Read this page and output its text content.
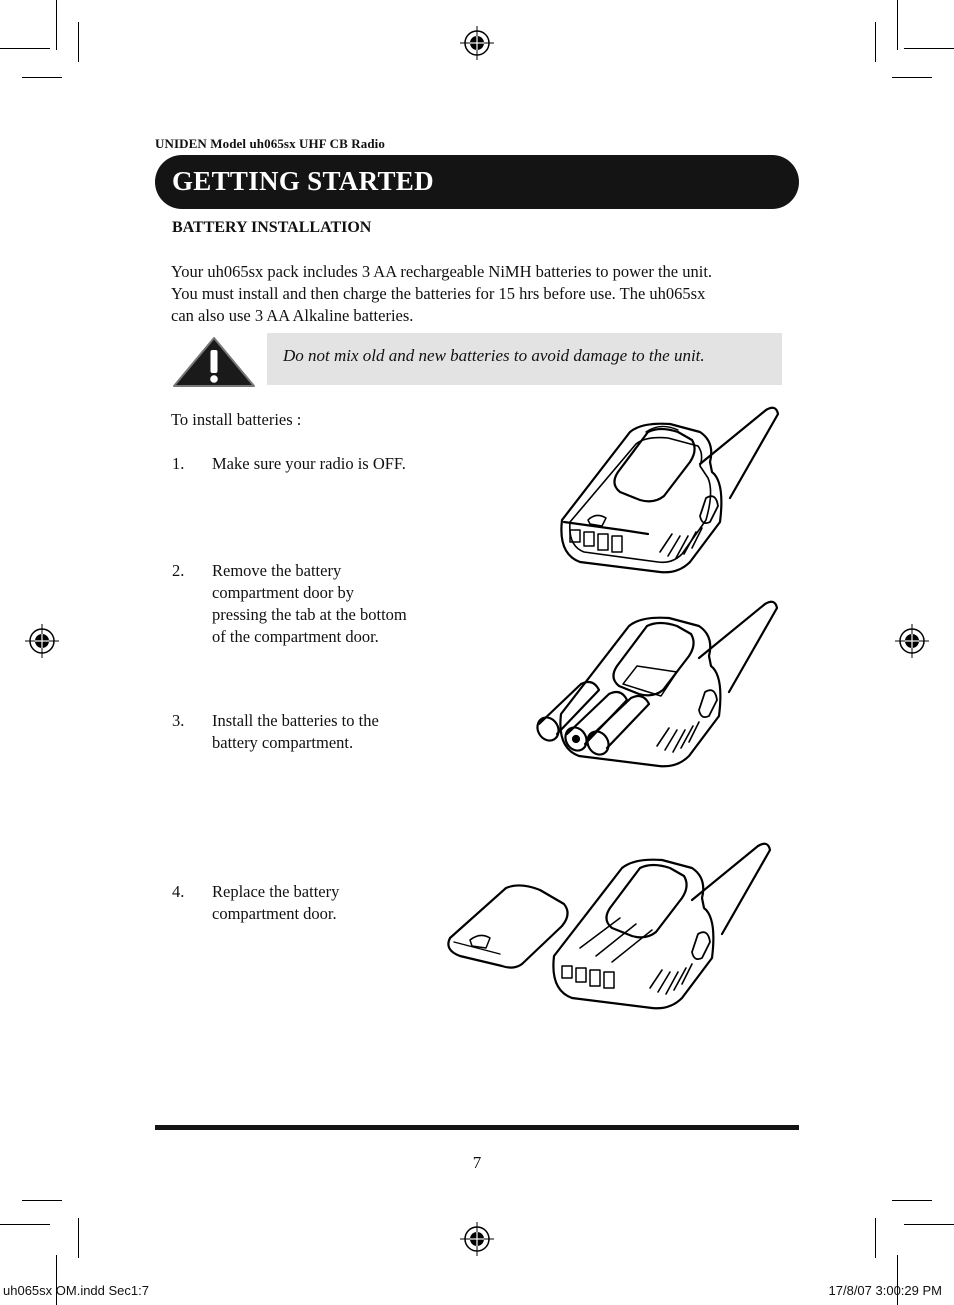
UNIDEN Model uh065sx UHF CB Radio
GETTING STARTED
BATTERY INSTALLATION
Your uh065sx pack includes 3 AA rechargeable NiMH batteries to power the unit.
You must install and then charge the batteries for 15 hrs before use. The uh065sx
can also use 3 AA Alkaline batteries.
Do not mix old and new batteries to avoid damage to the unit.
To install batteries :
1.	Make sure your radio is OFF.
2.	Remove the battery
compartment door by
pressing the tab at the bottom
of the compartment door.
3.	Install the batteries to the
battery compartment.
4.	Replace the battery
compartment door.
7
uh065sx OM.indd Sec1:7	17/8/07 3:00:29 PM
